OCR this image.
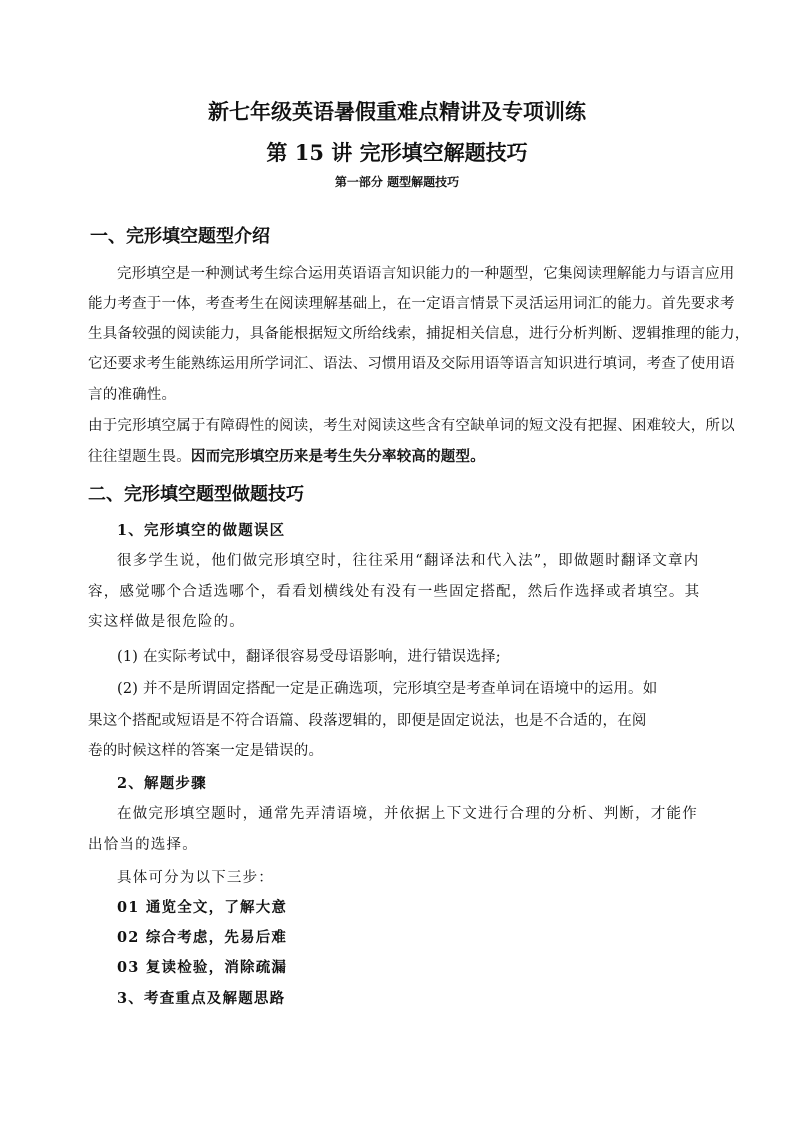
新七年级英语暑假重难点精讲及专项训练
第 15 讲 完形填空解题技巧
第一部分 题型解题技巧
一、完形填空题型介绍
完形填空是一种测试考生综合运用英语语言知识能力的一种题型，它集阅读理解能力与语言应用
能力考查于一体，考查考生在阅读理解基础上，在一定语言情景下灵活运用词汇的能力。首先要求考
生具备较强的阅读能力，具备能根据短文所给线索，捕捉相关信息，进行分析判断、逻辑推理的能力，
它还要求考生能熟练运用所学词汇、语法、习惯用语及交际用语等语言知识进行填词，考查了使用语
言的准确性。
由于完形填空属于有障碍性的阅读，考生对阅读这些含有空缺单词的短文没有把握、困难较大，所以
往往望题生畏。因而完形填空历来是考生失分率较高的题型。
二、完形填空题型做题技巧
1、完形填空的做题误区
很多学生说，他们做完形填空时，往往采用“翻译法和代入法”，即做题时翻译文章内
容，感觉哪个合适选哪个，看看划横线处有没有一些固定搭配，然后作选择或者填空。其
实这样做是很危险的。
(1) 在实际考试中，翻译很容易受母语影响，进行错误选择;
(2) 并不是所谓固定搭配一定是正确选项，完形填空是考查单词在语境中的运用。如
果这个搭配或短语是不符合语篇、段落逻辑的，即便是固定说法，也是不合适的，在阅
卷的时候这样的答案一定是错误的。
2、解题步骤
在做完形填空题时，通常先弄清语境，并依据上下文进行合理的分析、判断，才能作
出恰当的选择。
具体可分为以下三步：
01 通览全文，了解大意
02 综合考虑，先易后难
03 复读检验，消除疏漏
3、考查重点及解题思路
